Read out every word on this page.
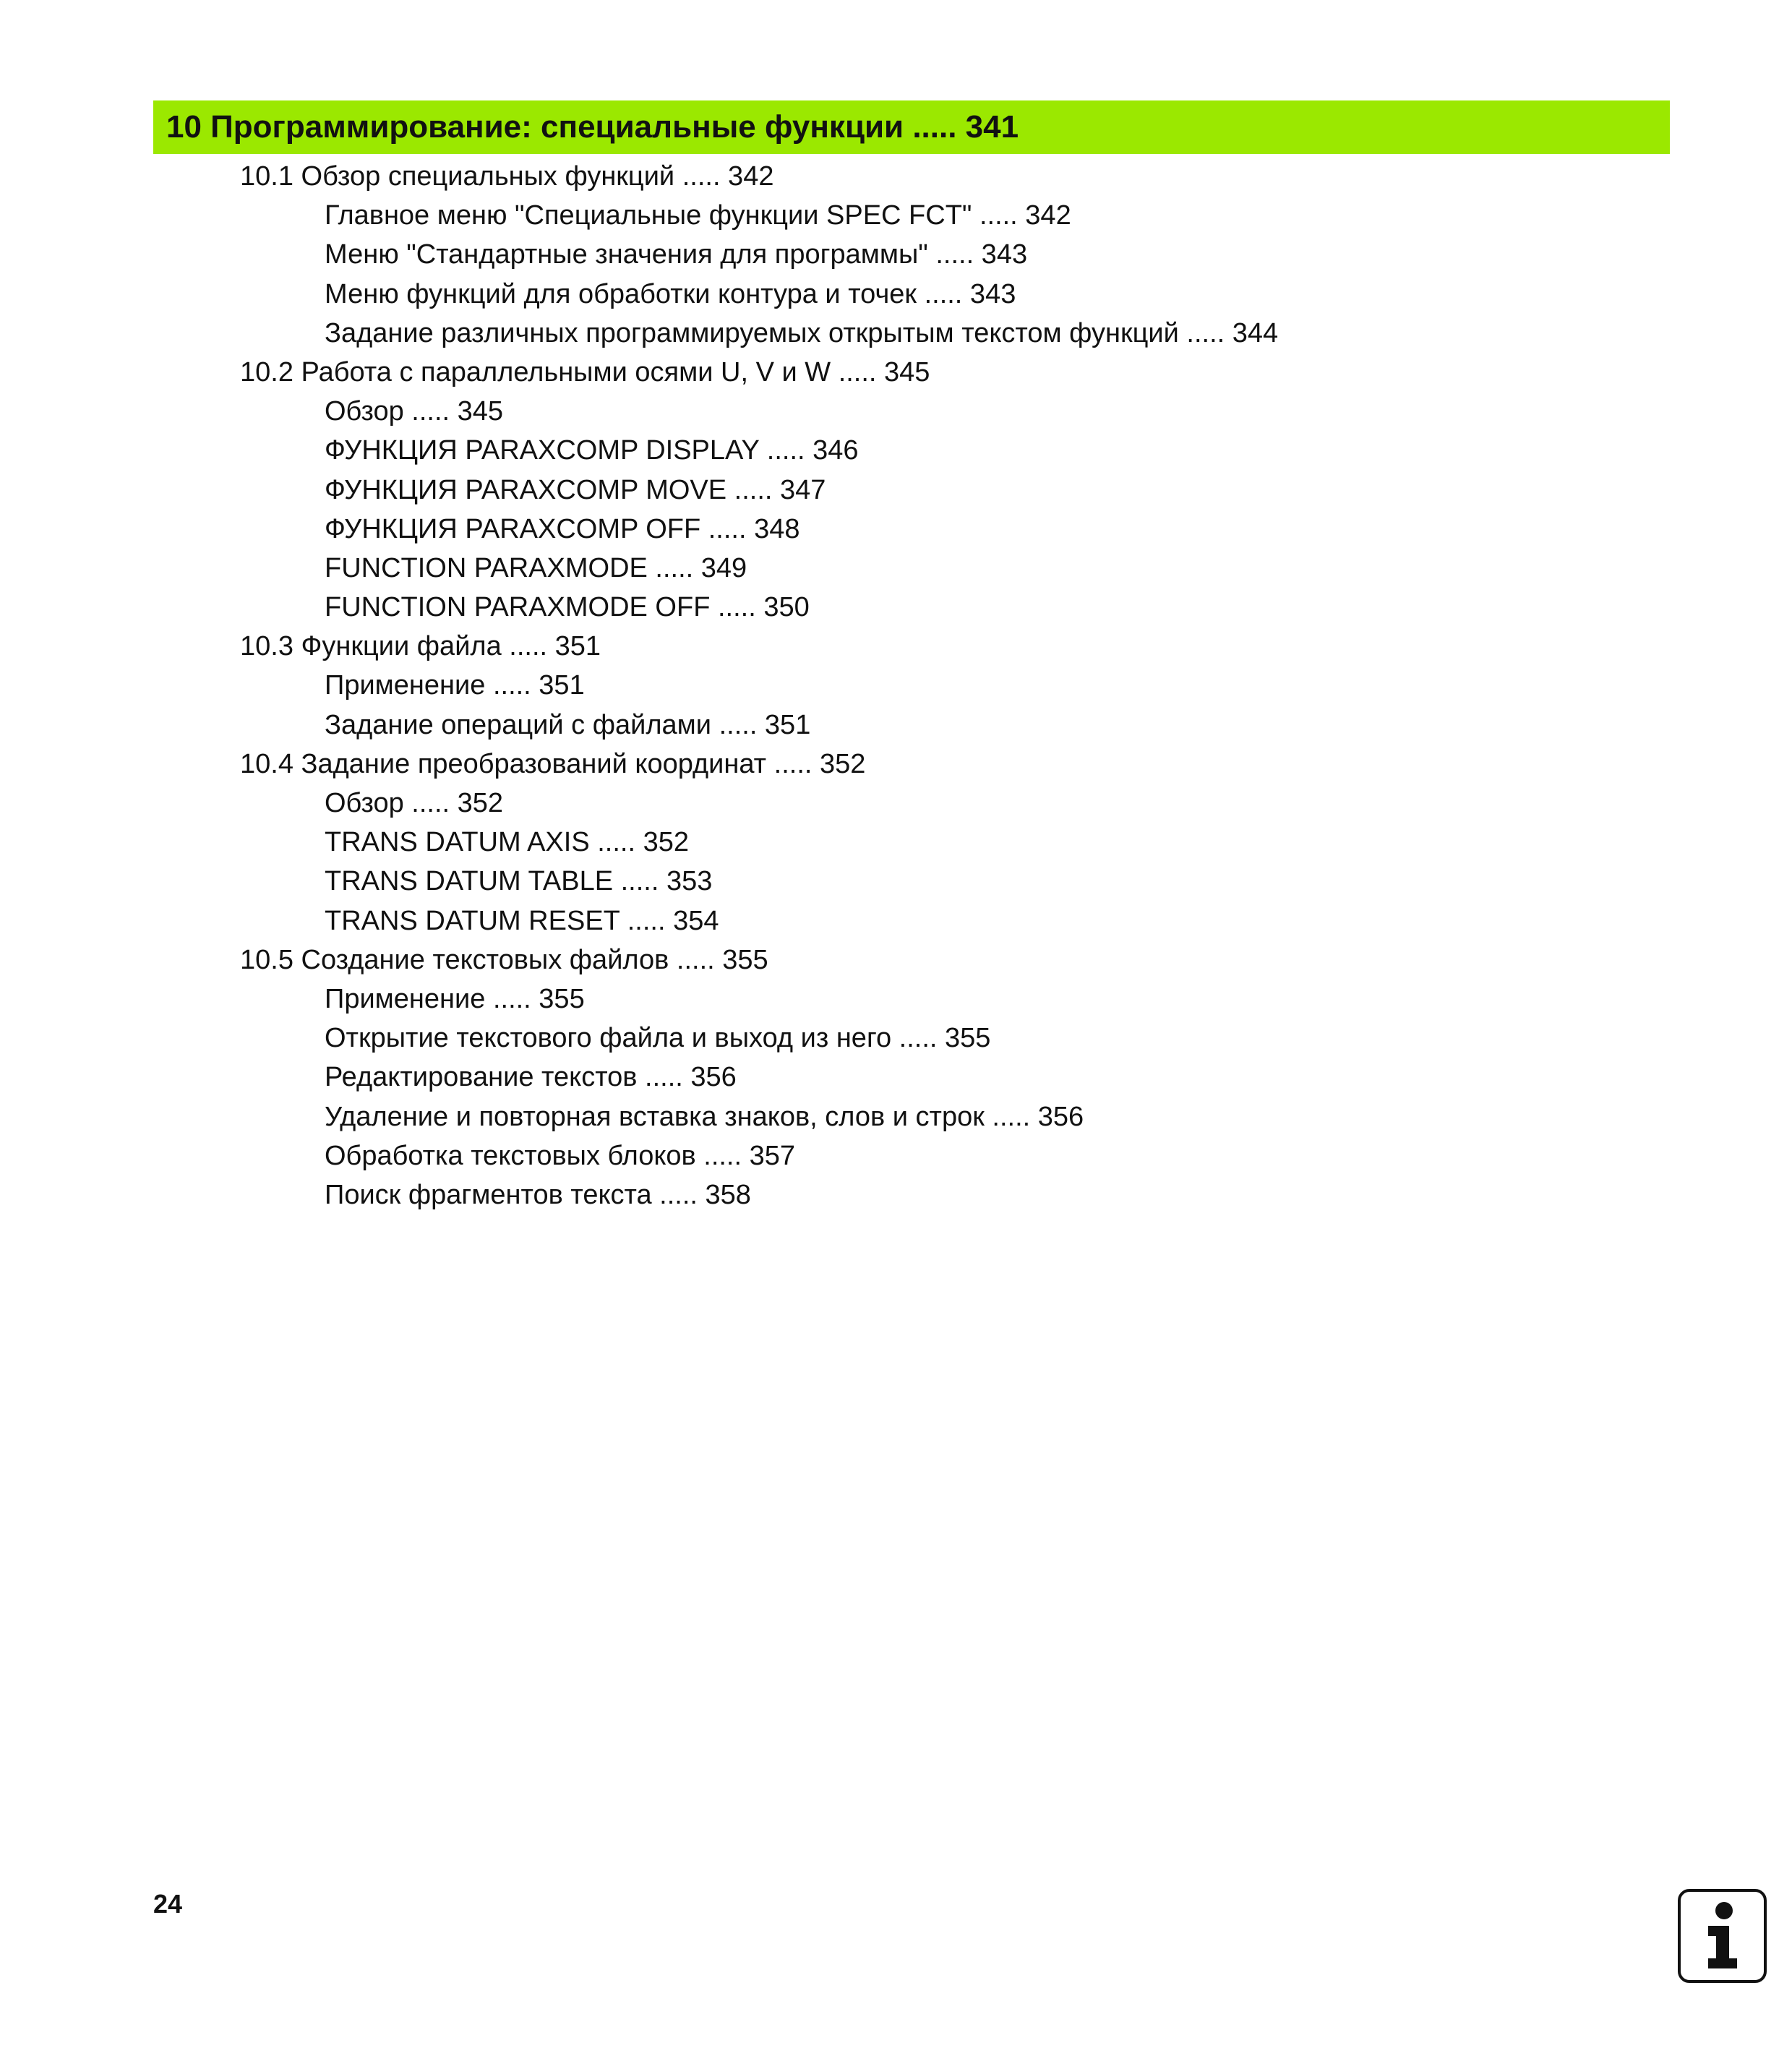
10 Программирование: специальные функции ..... 341
10.1 Обзор специальных функций ..... 342
Главное меню "Специальные функции SPEC FCT" ..... 342
Меню "Стандартные значения для программы" ..... 343
Меню функций для обработки контура и точек ..... 343
Задание различных программируемых открытым текстом функций ..... 344
10.2 Работа с параллельными осями U, V и W ..... 345
Обзор ..... 345
ФУНКЦИЯ PARAXCOMP DISPLAY ..... 346
ФУНКЦИЯ PARAXCOMP MOVE ..... 347
ФУНКЦИЯ PARAXCOMP OFF ..... 348
FUNCTION PARAXMODE ..... 349
FUNCTION PARAXMODE OFF ..... 350
10.3 Функции файла ..... 351
Применение ..... 351
Задание операций с файлами ..... 351
10.4 Задание преобразований координат ..... 352
Обзор ..... 352
TRANS DATUM AXIS ..... 352
TRANS DATUM TABLE ..... 353
TRANS DATUM RESET ..... 354
10.5 Создание текстовых файлов ..... 355
Применение ..... 355
Открытие текстового файла и выход из него ..... 355
Редактирование текстов ..... 356
Удаление и повторная вставка знаков, слов и строк ..... 356
Обработка текстовых блоков ..... 357
Поиск фрагментов текста ..... 358
24
